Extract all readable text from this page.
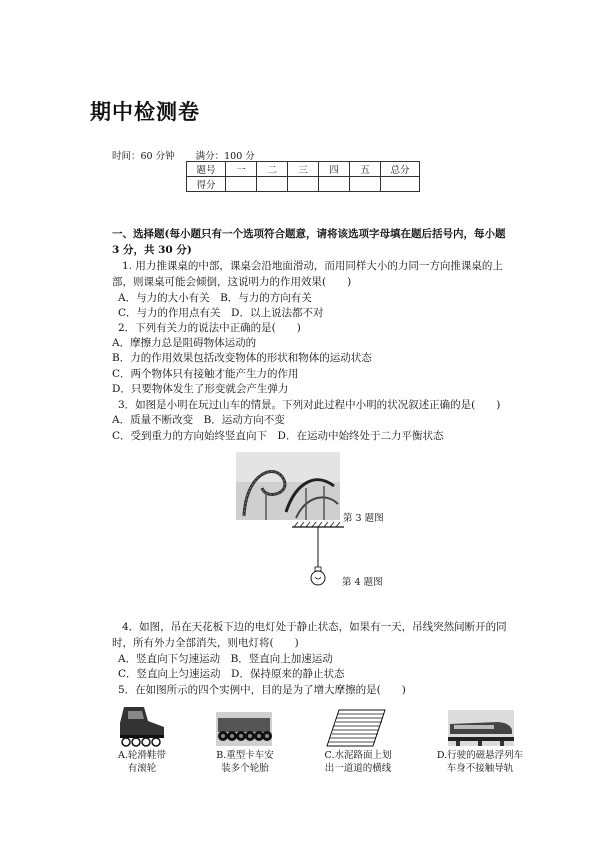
期中检测卷
时间：60 分钟 满分：100 分
题号	一	二	三	四	五	总分
得分						
一、选择题(每小题只有一个选项符合题意，请将该选项字母填在题后括号内，每小题3 分，共 30 分)
1. 用力推课桌的中部，课桌会沿地面滑动，而用同样大小的力同一方向推课桌的上部，则课桌可能会倾倒，这说明力的作用效果(　　)
A．与力的大小有关　B．与力的方向有关
C．与力的作用点有关　D．以上说法都不对
2．下列有关力的说法中正确的是(　　)
A．摩擦力总是阻碍物体运动的
B．力的作用效果包括改变物体的形状和物体的运动状态
C．两个物体只有接触才能产生力的作用
D．只要物体发生了形变就会产生弹力
3．如图是小明在玩过山车的情景。下列对此过程中小明的状况叙述正确的是(　　)
A．质量不断改变　B．运动方向不变
C．受到重力的方向始终竖直向下　D．在运动中始终处于二力平衡状态
第 3 题图
第 4 题图
4．如图，吊在天花板下边的电灯处于静止状态，如果有一天，吊线突然间断开的同时，所有外力全部消失，则电灯将(　　)
A．竖直向下匀速运动　B．竖直向上加速运动
C．竖直向上匀速运动　D．保持原来的静止状态
5．在如图所示的四个实例中，目的是为了增大摩擦的是(　　)
A.轮滑鞋带
有滚轮
B.重型卡车安
装多个轮胎
C.水泥路面上划
出一道道的横线
D.行驶的磁悬浮列车
车身不接触导轨
